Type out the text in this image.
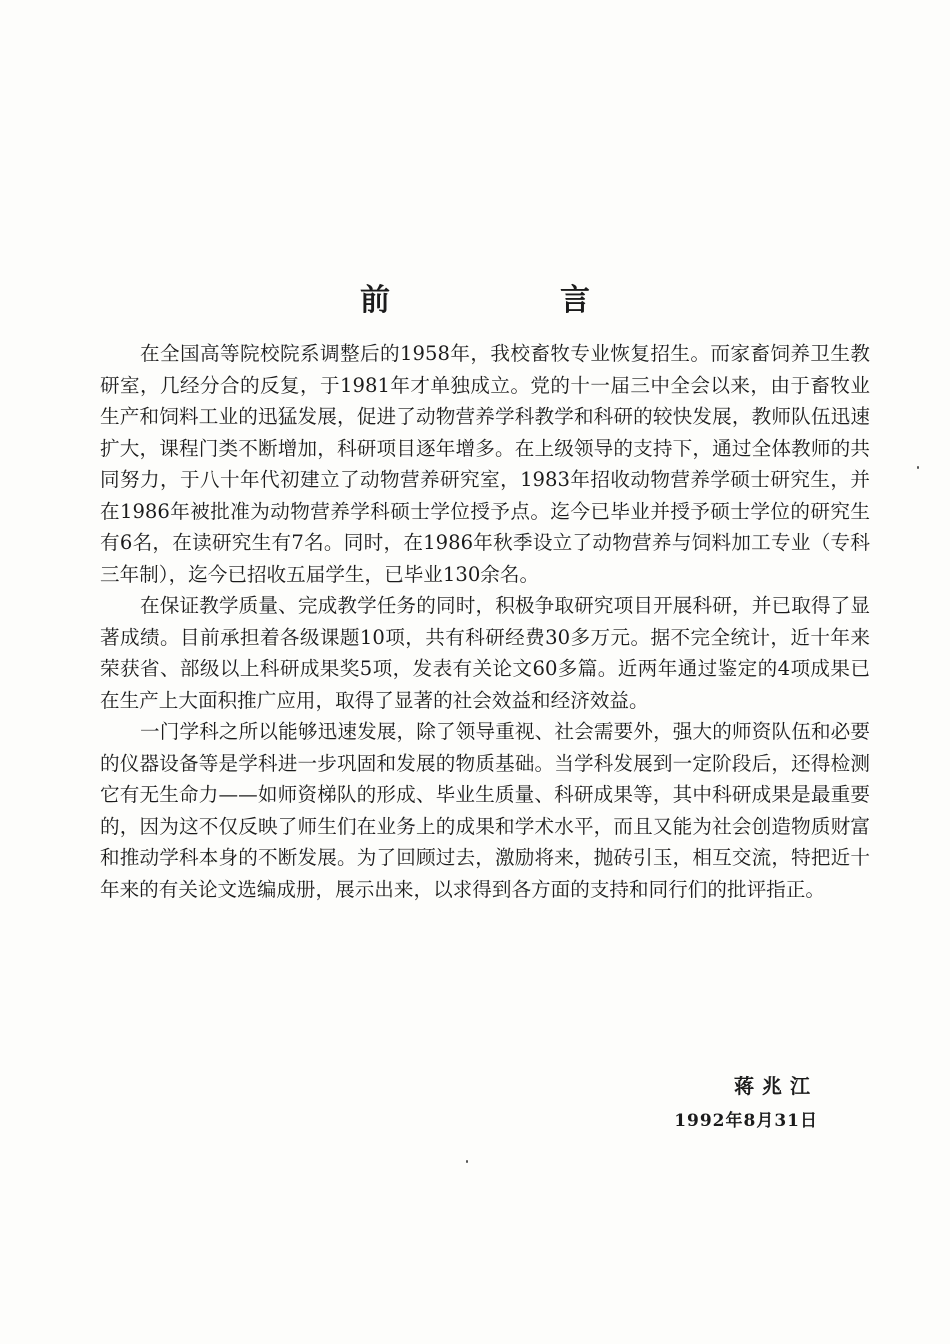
前　言

在全国高等院校院系调整后的1958年，我校畜牧专业恢复招生。而家畜饲养卫生教研室，几经分合的反复，于1981年才单独成立。党的十一届三中全会以来，由于畜牧业生产和饲料工业的迅猛发展，促进了动物营养学科教学和科研的较快发展，教师队伍迅速扩大，课程门类不断增加，科研项目逐年增多。在上级领导的支持下，通过全体教师的共同努力，于八十年代初建立了动物营养研究室，1983年招收动物营养学硕士研究生，并在1986年被批准为动物营养学科硕士学位授予点。迄今已毕业并授予硕士学位的研究生有6名，在读研究生有7名。同时，在1986年秋季设立了动物营养与饲料加工专业（专科三年制），迄今已招收五届学生，已毕业130余名。

在保证教学质量、完成教学任务的同时，积极争取研究项目开展科研，并已取得了显著成绩。目前承担着各级课题10项，共有科研经费30多万元。据不完全统计，近十年来荣获省、部级以上科研成果奖5项，发表有关论文60多篇。近两年通过鉴定的4项成果已在生产上大面积推广应用，取得了显著的社会效益和经济效益。

一门学科之所以能够迅速发展，除了领导重视、社会需要外，强大的师资队伍和必要的仪器设备等是学科进一步巩固和发展的物质基础。当学科发展到一定阶段后，还得检测它有无生命力——如师资梯队的形成、毕业生质量、科研成果等，其中科研成果是最重要的，因为这不仅反映了师生们在业务上的成果和学术水平，而且又能为社会创造物质财富和推动学科本身的不断发展。为了回顾过去，激励将来，抛砖引玉，相互交流，特把近十年来的有关论文选编成册，展示出来，以求得到各方面的支持和同行们的批评指正。

蒋兆江
1992年8月31日
